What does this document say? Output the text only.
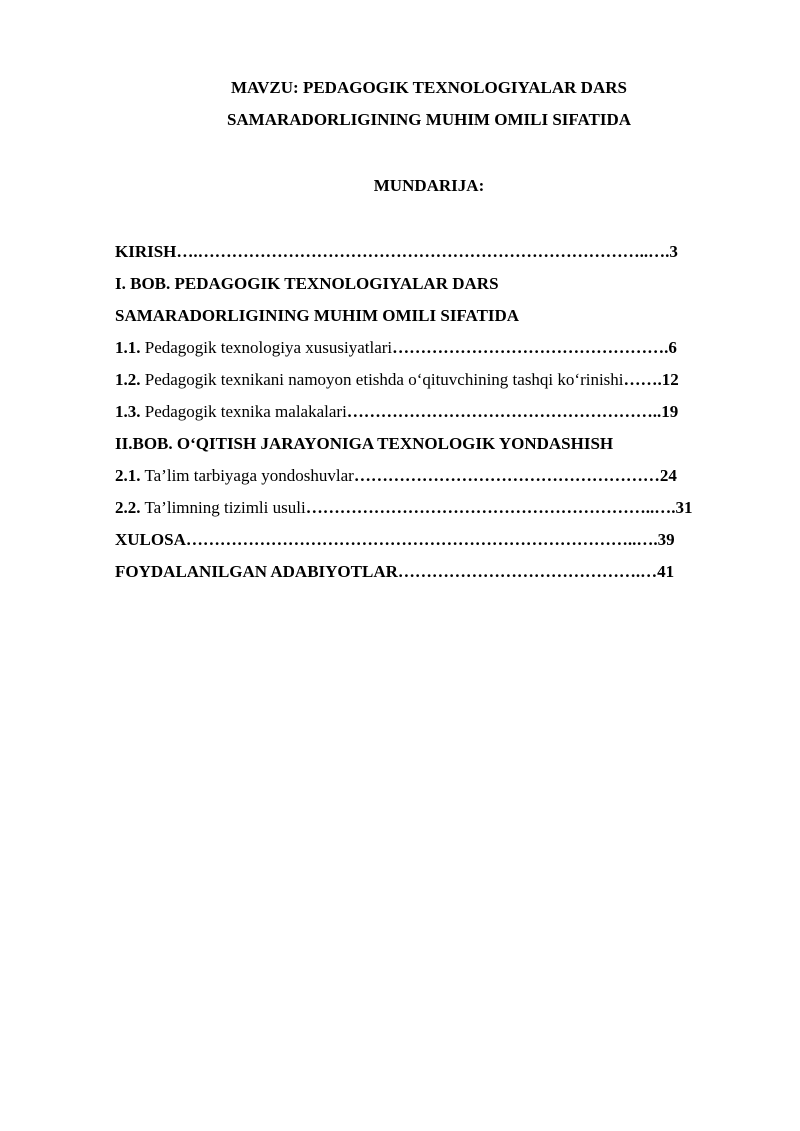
MAVZU: PEDAGOGIK TEXNOLOGIYALAR DARS
SAMARADORLIGINING MUHIM OMILI SIFATIDA
MUNDARIJA:
KIRISH….……………………………………………………………………..….3
I. BOB. PEDAGOGIK TEXNOLOGIYALAR DARS
SAMARADORLIGINING MUHIM OMILI SIFATIDA
1.1. Pedagogik texnologiya xususiyatlari………………………………………….6
1.2. Pedagogik texnikani namoyon etishda o‘qituvchining tashqi ko‘rinishi…….12
1.3. Pedagogik texnika malakalari………………………………………………..19
II.BOB. O‘QITISH JARAYONIGA TEXNOLOGIK YONDASHISH
2.1. Ta’lim tarbiyaga yondoshuvlar………………………………………………24
2.2. Ta’limning tizimli usuli……………………………………………………..….31
XULOSA……………………………………………………………………..….39
FOYDALANILGAN ADABIYOTLAR…………………………………….…41
